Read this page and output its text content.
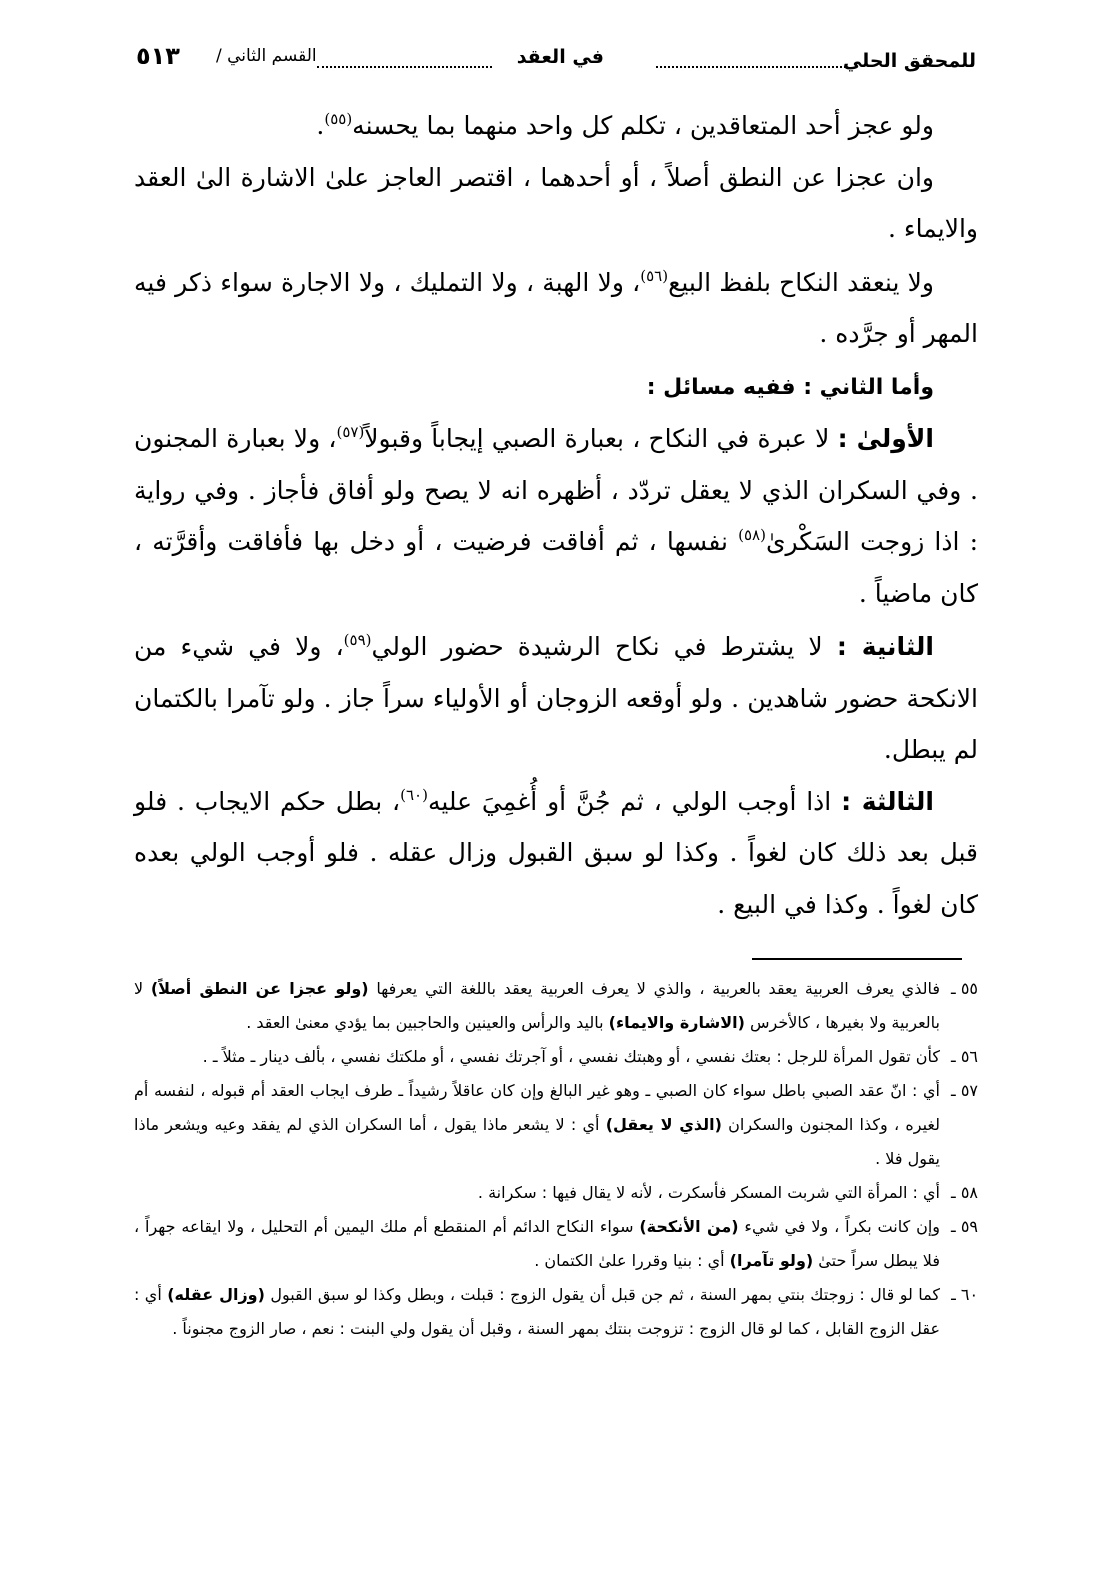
للمحقق الحلي
في العقد
القسم الثاني /
٥١٣

ولو عجز أحد المتعاقدين ، تكلم كل واحد منهما بما يحسنه$^{(٥٥)}$.

وان عجزا عن النطق أصلاً ، أو أحدهما ، اقتصر العاجز علىٰ الاشارة الىٰ العقد والايماء .

ولا ينعقد النكاح بلفظ البيع$^{(٥٦)}$، ولا الهبة ، ولا التمليك ، ولا الاجارة سواء ذكر فيه المهر أو جرَّده .

وأما الثاني : ففيه مسائل :

الأولىٰ : لا عبرة في النكاح ، بعبارة الصبي إيجاباً وقبولاً$^{(٥٧)}$، ولا بعبارة المجنون . وفي السكران الذي لا يعقل تردّد ، أظهره انه لا يصح ولو أفاق فأجاز . وفي رواية : اذا زوجت السَكْرىٰ$^{(٥٨)}$ نفسها ، ثم أفاقت فرضيت ، أو دخل بها فأفاقت وأقرَّته ، كان ماضياً .

الثانية : لا يشترط في نكاح الرشيدة حضور الولي$^{(٥٩)}$، ولا في شيء من الانكحة حضور شاهدين . ولو أوقعه الزوجان أو الأولياء سراً جاز . ولو تآمرا بالكتمان لم يبطل.

الثالثة : اذا أوجب الولي ، ثم جُنَّ أو أُغمِيَ عليه$^{(٦٠)}$، بطل حكم الايجاب . فلو قبل بعد ذلك كان لغواً . وكذا لو سبق القبول وزال عقله . فلو أوجب الولي بعده كان لغواً . وكذا في البيع .

٥٥ ـفالذي يعرف العربية يعقد بالعربية ، والذي لا يعرف العربية يعقد باللغة التي يعرفها (ولو عجزا عن النطق أصلاً) لا بالعربية ولا بغيرها ، كالأخرس (الاشارة والايماء) باليد والرأس والعينين والحاجبين بما يؤدي معنىٰ العقد .

٥٦ ـكأن تقول المرأة للرجل : بعتك نفسي ، أو وهبتك نفسي ، أو آجرتك نفسي ، أو ملكتك نفسي ، بألف دينار ـ مثلاً ـ .

٥٧ ـأي : انّ عقد الصبي باطل سواء كان الصبي ـ وهو غير البالغ وإن كان عاقلاً رشيداً ـ طرف ايجاب العقد أم قبوله ، لنفسه أم لغيره ، وكذا المجنون والسكران (الذي لا يعقل) أي : لا يشعر ماذا يقول ، أما السكران الذي لم يفقد وعيه ويشعر ماذا يقول فلا .

٥٨ ـأي : المرأة التي شربت المسكر فأسكرت ، لأنه لا يقال فيها : سكرانة .

٥٩ ـوإن كانت بكراً ، ولا في شيء (من الأنكحة) سواء النكاح الدائم أم المنقطع أم ملك اليمين أم التحليل ، ولا ايقاعه جهراً ، فلا يبطل سراً حتىٰ (ولو تآمرا) أي : بنيا وقررا علىٰ الكتمان .

٦٠ ـكما لو قال : زوجتك بنتي بمهر السنة ، ثم جن قبل أن يقول الزوج : قبلت ، وبطل وكذا لو سبق القبول (وزال عقله) أي : عقل الزوج القابل ، كما لو قال الزوج : تزوجت بنتك بمهر السنة ، وقبل أن يقول ولي البنت : نعم ، صار الزوج مجنوناً .
